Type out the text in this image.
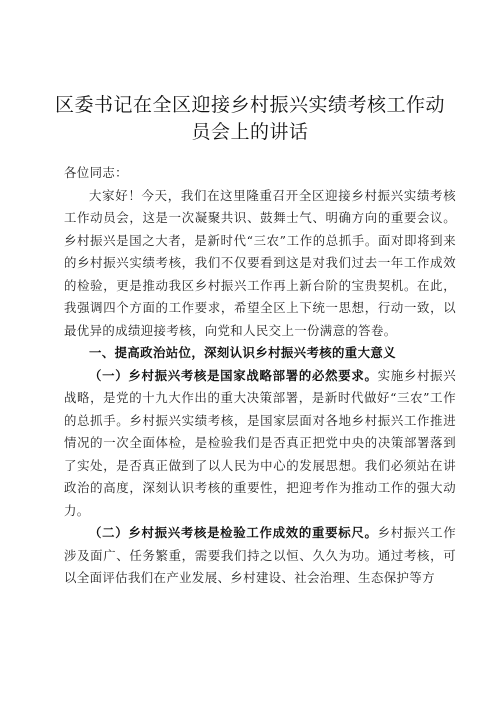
区委书记在全区迎接乡村振兴实绩考核工作动
员会上的讲话

各位同志：

大家好！今天，我们在这里隆重召开全区迎接乡村振兴实绩考核工作动员会，这是一次凝聚共识、鼓舞士气、明确方向的重要会议。乡村振兴是国之大者，是新时代“三农”工作的总抓手。面对即将到来的乡村振兴实绩考核，我们不仅要看到这是对我们过去一年工作成效的检验，更是推动我区乡村振兴工作再上新台阶的宝贵契机。在此，我强调四个方面的工作要求，希望全区上下统一思想，行动一致，以最优异的成绩迎接考核，向党和人民交上一份满意的答卷。

一、提高政治站位，深刻认识乡村振兴考核的重大意义

（一）乡村振兴考核是国家战略部署的必然要求。实施乡村振兴战略，是党的十九大作出的重大决策部署，是新时代做好“三农”工作的总抓手。乡村振兴实绩考核，是国家层面对各地乡村振兴工作推进情况的一次全面体检，是检验我们是否真正把党中央的决策部署落到了实处，是否真正做到了以人民为中心的发展思想。我们必须站在讲政治的高度，深刻认识考核的重要性，把迎考作为推动工作的强大动力。

（二）乡村振兴考核是检验工作成效的重要标尺。乡村振兴工作涉及面广、任务繁重，需要我们持之以恒、久久为功。通过考核，可以全面评估我们在产业发展、乡村建设、社会治理、生态保护等方
